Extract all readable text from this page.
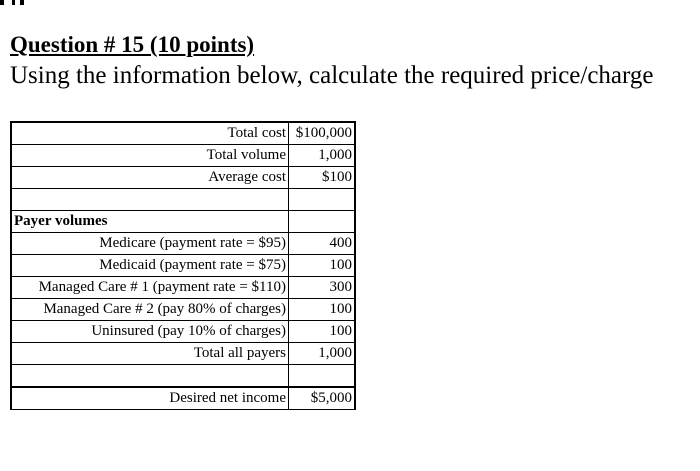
Question # 15 (10 points)
Using the information below, calculate the required price/charge
Total cost	$100,000
Total volume	1,000
Average cost	$100

Payer volumes	
Medicare (payment rate = $95)	400
Medicaid (payment rate = $75)	100
Managed Care # 1 (payment rate = $110)	300
Managed Care # 2 (pay 80% of charges)	100
Uninsured (pay 10% of charges)	100
Total all payers	1,000

Desired net income	$5,000
